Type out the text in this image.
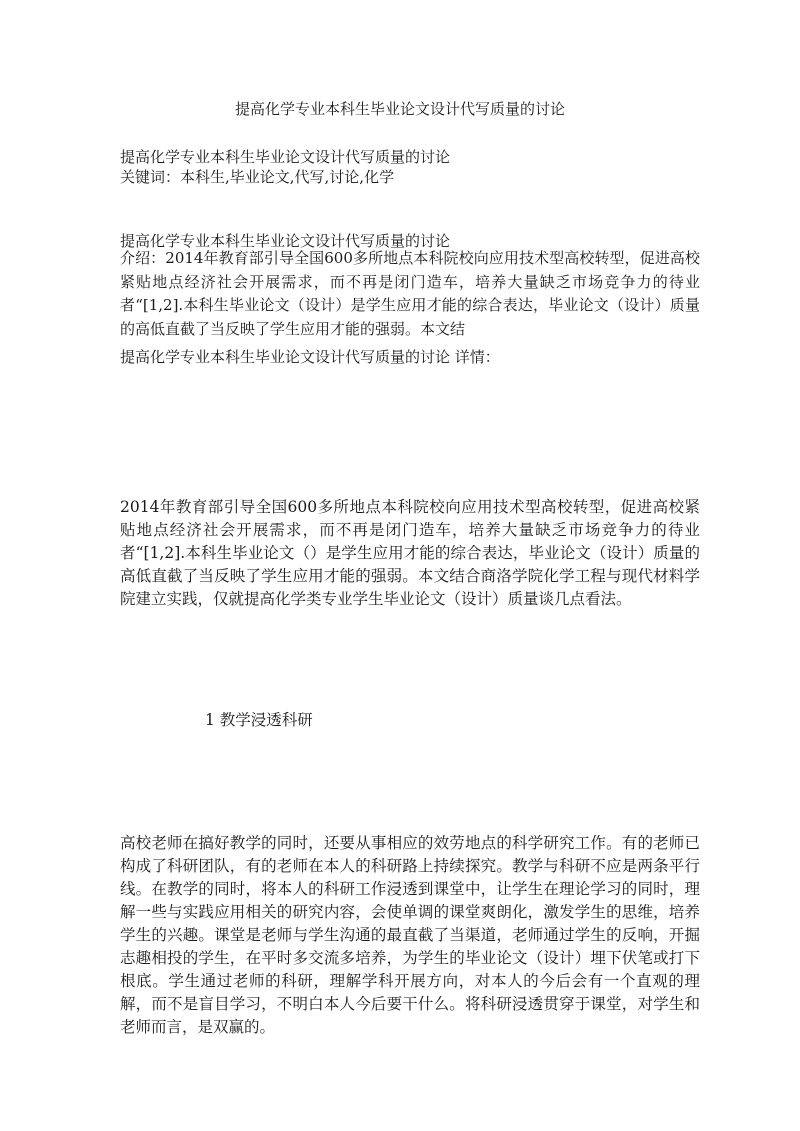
提高化学专业本科生毕业论文设计代写质量的讨论

提高化学专业本科生毕业论文设计代写质量的讨论

关键词：本科生,毕业论文,代写,讨论,化学

提高化学专业本科生毕业论文设计代写质量的讨论

介绍：2014年教育部引导全国600多所地点本科院校向应用技术型高校转型，促进高校紧贴地点经济社会开展需求，而不再是闭门造车，培养大量缺乏市场竞争力的待业者“[1,2].本科生毕业论文（设计）是学生应用才能的综合表达，毕业论文（设计）质量的高低直截了当反映了学生应用才能的强弱。本文结

提高化学专业本科生毕业论文设计代写质量的讨论 详情：

2014年教育部引导全国600多所地点本科院校向应用技术型高校转型，促进高校紧贴地点经济社会开展需求，而不再是闭门造车，培养大量缺乏市场竞争力的待业者“[1,2].本科生毕业论文（）是学生应用才能的综合表达，毕业论文（设计）质量的高低直截了当反映了学生应用才能的强弱。本文结合商洛学院化学工程与现代材料学院建立实践，仅就提高化学类专业学生毕业论文（设计）质量谈几点看法。

1 教学浸透科研

高校老师在搞好教学的同时，还要从事相应的效劳地点的科学研究工作。有的老师已构成了科研团队，有的老师在本人的科研路上持续探究。教学与科研不应是两条平行线。在教学的同时，将本人的科研工作浸透到课堂中，让学生在理论学习的同时，理解一些与实践应用相关的研究内容，会使单调的课堂爽朗化，激发学生的思维，培养学生的兴趣。课堂是老师与学生沟通的最直截了当渠道，老师通过学生的反响，开掘志趣相投的学生，在平时多交流多培养，为学生的毕业论文（设计）埋下伏笔或打下根底。学生通过老师的科研，理解学科开展方向，对本人的今后会有一个直观的理解，而不是盲目学习，不明白本人今后要干什么。将科研浸透贯穿于课堂，对学生和老师而言，是双赢的。
